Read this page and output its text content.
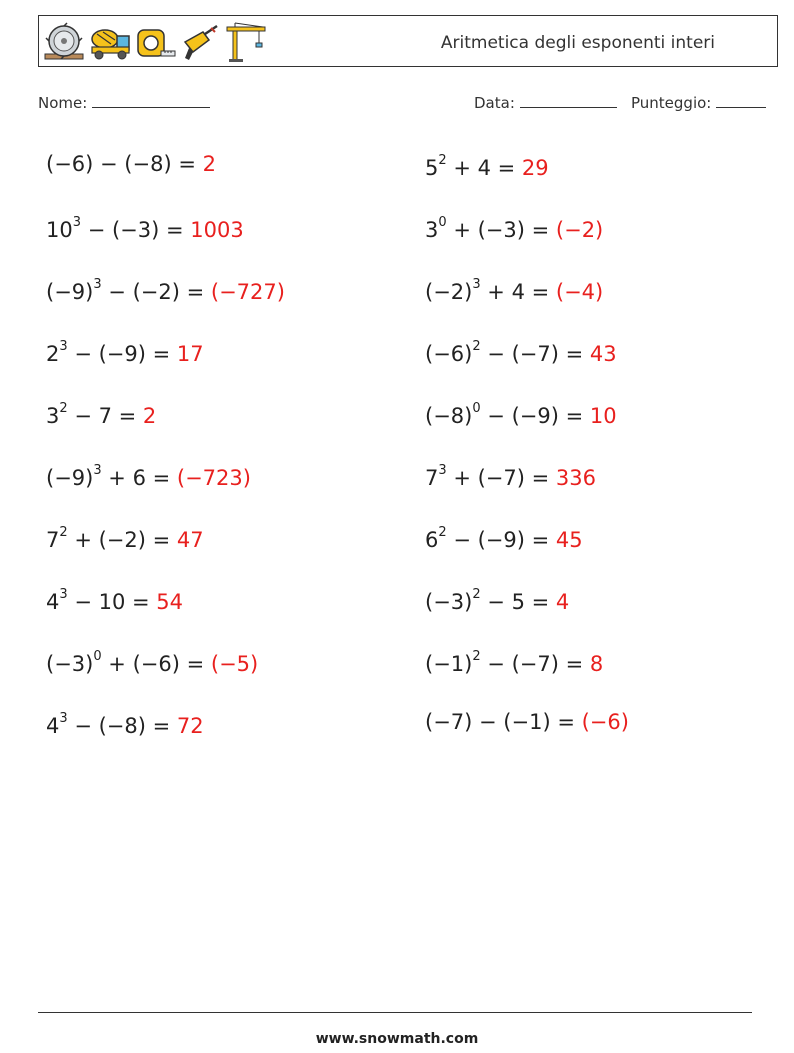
Aritmetica degli esponenti interi
Nome:	Data:	Punteggio:
(−6) − (−8) = 2	$5^2 + 4 = 29$
$10^3 - (-3) = 1003$	$3^0 + (-3) = (-2)$
$(-9)^3 - (-2) = (-727)$	$(-2)^3 + 4 = (-4)$
$2^3 - (-9) = 17$	$(-6)^2 - (-7) = 43$
$3^2 - 7 = 2$	$(-8)^0 - (-9) = 10$
$(-9)^3 + 6 = (-723)$	$7^3 + (-7) = 336$
$7^2 + (-2) = 47$	$6^2 - (-9) = 45$
$4^3 - 10 = 54$	$(-3)^2 - 5 = 4$
$(-3)^0 + (-6) = (-5)$	$(-1)^2 - (-7) = 8$
$4^3 - (-8) = 72$	(−7) − (−1) = (−6)
www.snowmath.com
